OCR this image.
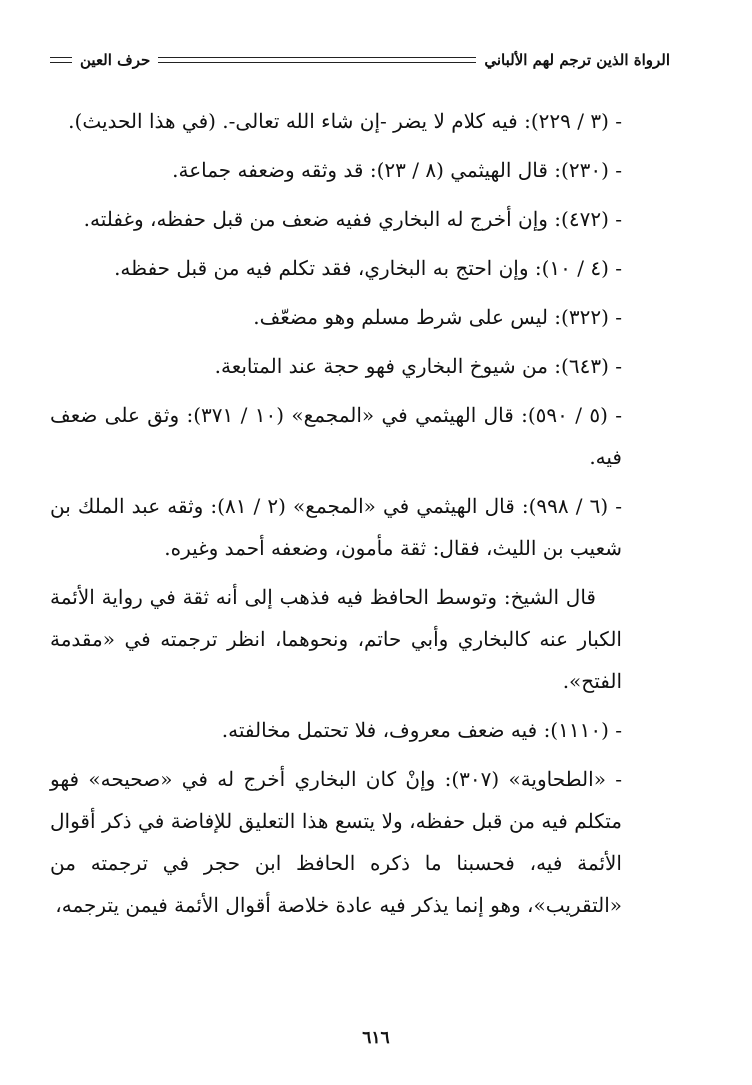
الرواة الذين ترجم لهم الألباني
حرف العين

- (٣ / ٢٢٩): فيه كلام لا يضر -إن شاء الله تعالى-. (في هذا الحديث).

- (٢٣٠): قال الهيثمي (٨ / ٢٣): قد وثقه وضعفه جماعة.

- (٤٧٢): وإن أخرج له البخاري ففيه ضعف من قبل حفظه، وغفلته.

- (٤ / ١٠): وإن احتج به البخاري، فقد تكلم فيه من قبل حفظه.

- (٣٢٢): ليس على شرط مسلم وهو مضعّف.

- (٦٤٣): من شيوخ البخاري فهو حجة عند المتابعة.

- (٥ / ٥٩٠): قال الهيثمي في «المجمع» (١٠ / ٣٧١): وثق على ضعف فيه.

- (٦ / ٩٩٨): قال الهيثمي في «المجمع» (٢ / ٨١): وثقه عبد الملك بن شعيب بن الليث، فقال: ثقة مأمون، وضعفه أحمد وغيره.

قال الشيخ: وتوسط الحافظ فيه فذهب إلى أنه ثقة في رواية الأئمة الكبار عنه كالبخاري وأبي حاتم، ونحوهما، انظر ترجمته في «مقدمة الفتح».

- (١١١٠): فيه ضعف معروف، فلا تحتمل مخالفته.

- «الطحاوية» (٣٠٧): وإنْ كان البخاري أخرج له في «صحيحه» فهو متكلم فيه من قبل حفظه، ولا يتسع هذا التعليق للإفاضة في ذكر أقوال الأئمة فيه، فحسبنا ما ذكره الحافظ ابن حجر في ترجمته من «التقريب»، وهو إنما يذكر فيه عادة خلاصة أقوال الأئمة فيمن يترجمه،

٦١٦
